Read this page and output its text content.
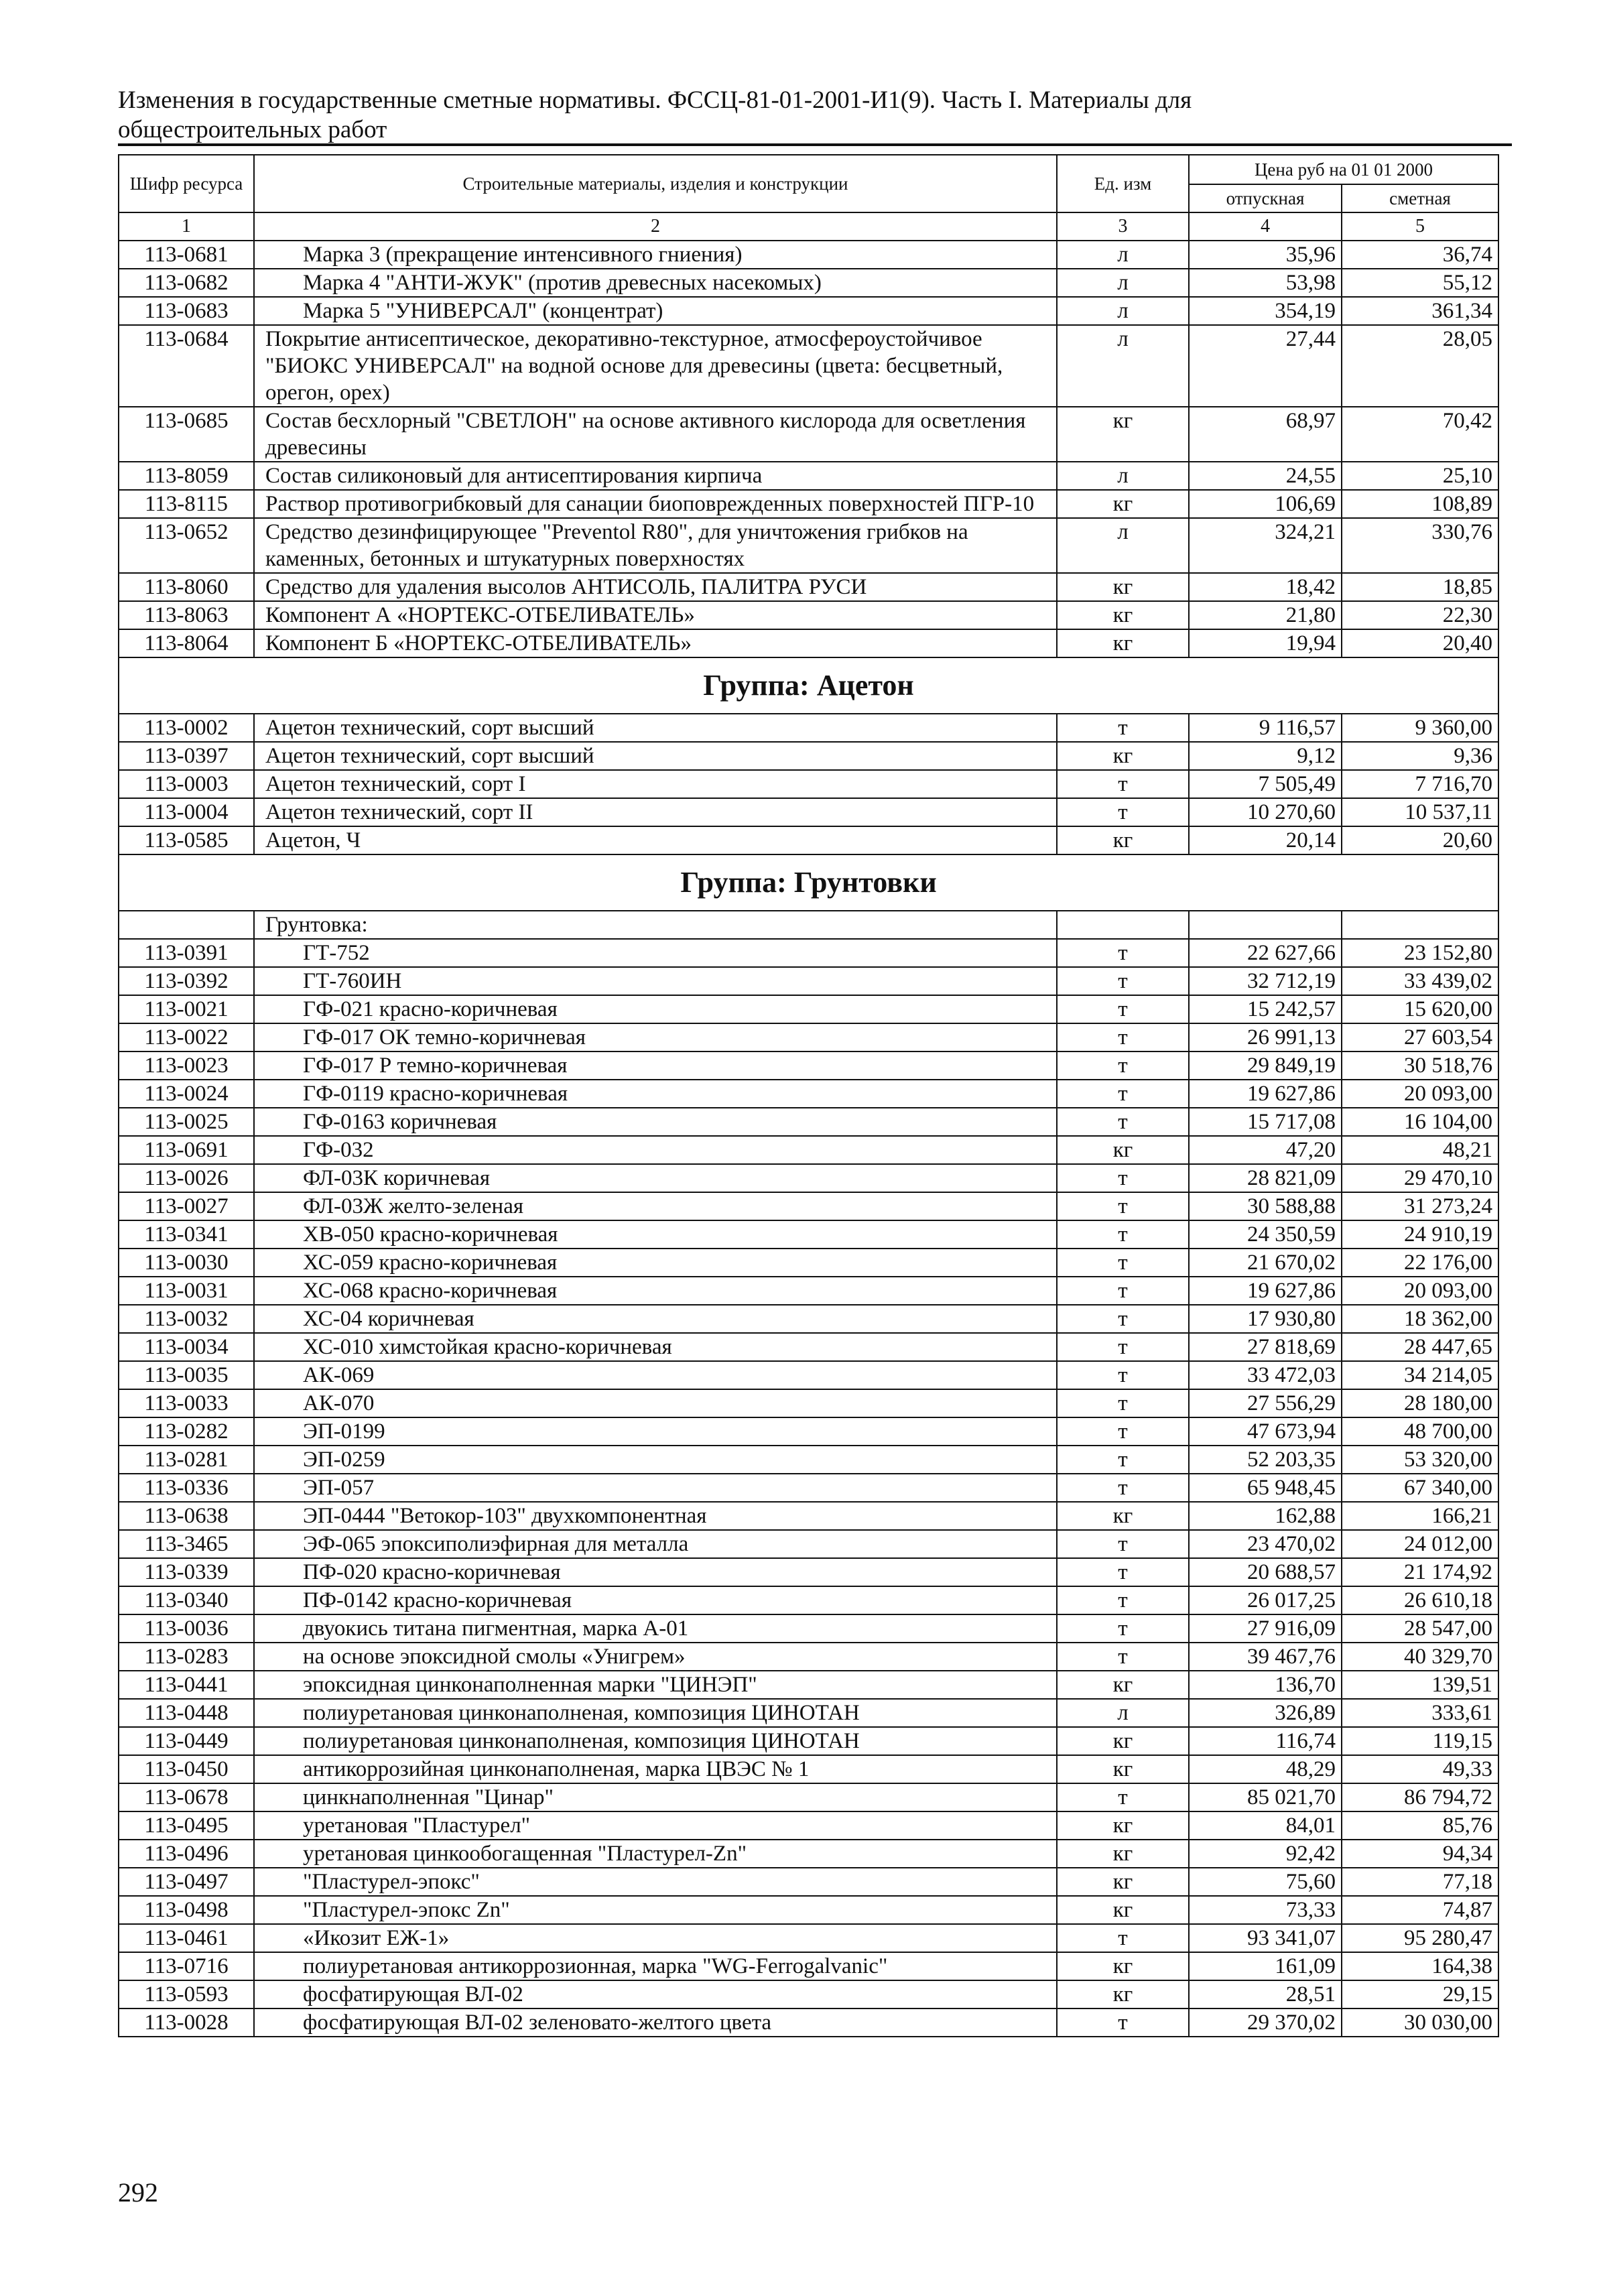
Изменения в государственные сметные нормативы. ФССЦ-81-01-2001-И1(9). Часть I. Материалы для общестроительных работ
Шифр ресурса	Строительные материалы, изделия и конструкции	Ед. изм	Цена руб на 01 01 2000	
			отпускная	сметная
1	2	3	4	5
113-0681	Марка 3 (прекращение интенсивного гниения)	л	35,96	36,74
113-0682	Марка 4 "АНТИ-ЖУК" (против древесных насекомых)	л	53,98	55,12
113-0683	Марка 5 "УНИВЕРСАЛ" (концентрат)	л	354,19	361,34
113-0684	Покрытие антисептическое, декоративно-текстурное, атмосфероустойчивое "БИОКС УНИВЕРСАЛ" на водной основе для древесины (цвета: бесцветный, орегон, орех)	л	27,44	28,05
113-0685	Состав бесхлорный "СВЕТЛОН" на основе активного кислорода для осветления древесины	кг	68,97	70,42
113-8059	Состав силиконовый для антисептирования кирпича	л	24,55	25,10
113-8115	Раствор противогрибковый для санации биоповрежденных поверхностей ПГР-10	кг	106,69	108,89
113-0652	Средство дезинфицирующее "Preventol R80", для уничтожения грибков на каменных, бетонных и штукатурных поверхностях	л	324,21	330,76
113-8060	Средство для удаления высолов АНТИСОЛЬ, ПАЛИТРА РУСИ	кг	18,42	18,85
113-8063	Компонент А «НОРТЕКС-ОТБЕЛИВАТЕЛЬ»	кг	21,80	22,30
113-8064	Компонент Б «НОРТЕКС-ОТБЕЛИВАТЕЛЬ»	кг	19,94	20,40
Группа: Ацетон				
113-0002	Ацетон технический, сорт высший	т	9 116,57	9 360,00
113-0397	Ацетон технический, сорт высший	кг	9,12	9,36
113-0003	Ацетон технический, сорт I	т	7 505,49	7 716,70
113-0004	Ацетон технический, сорт II	т	10 270,60	10 537,11
113-0585	Ацетон, Ч	кг	20,14	20,60
Группа: Грунтовки				
	Грунтовка:			
113-0391	ГТ-752	т	22 627,66	23 152,80
113-0392	ГТ-760ИН	т	32 712,19	33 439,02
113-0021	ГФ-021 красно-коричневая	т	15 242,57	15 620,00
113-0022	ГФ-017 ОК темно-коричневая	т	26 991,13	27 603,54
113-0023	ГФ-017 Р темно-коричневая	т	29 849,19	30 518,76
113-0024	ГФ-0119 красно-коричневая	т	19 627,86	20 093,00
113-0025	ГФ-0163 коричневая	т	15 717,08	16 104,00
113-0691	ГФ-032	кг	47,20	48,21
113-0026	ФЛ-03К коричневая	т	28 821,09	29 470,10
113-0027	ФЛ-03Ж желто-зеленая	т	30 588,88	31 273,24
113-0341	ХВ-050 красно-коричневая	т	24 350,59	24 910,19
113-0030	ХС-059 красно-коричневая	т	21 670,02	22 176,00
113-0031	ХС-068 красно-коричневая	т	19 627,86	20 093,00
113-0032	ХС-04 коричневая	т	17 930,80	18 362,00
113-0034	ХС-010 химстойкая красно-коричневая	т	27 818,69	28 447,65
113-0035	АК-069	т	33 472,03	34 214,05
113-0033	АК-070	т	27 556,29	28 180,00
113-0282	ЭП-0199	т	47 673,94	48 700,00
113-0281	ЭП-0259	т	52 203,35	53 320,00
113-0336	ЭП-057	т	65 948,45	67 340,00
113-0638	ЭП-0444 "Ветокор-103" двухкомпонентная	кг	162,88	166,21
113-3465	ЭФ-065 эпоксиполиэфирная для металла	т	23 470,02	24 012,00
113-0339	ПФ-020 красно-коричневая	т	20 688,57	21 174,92
113-0340	ПФ-0142 красно-коричневая	т	26 017,25	26 610,18
113-0036	двуокись титана пигментная, марка А-01	т	27 916,09	28 547,00
113-0283	на основе эпоксидной смолы «Унигрем»	т	39 467,76	40 329,70
113-0441	эпоксидная цинконаполненная марки "ЦИНЭП"	кг	136,70	139,51
113-0448	полиуретановая цинконаполненая, композиция ЦИНОТАН	л	326,89	333,61
113-0449	полиуретановая цинконаполненая, композиция ЦИНОТАН	кг	116,74	119,15
113-0450	антикоррозийная цинконаполненая, марка ЦВЭС № 1	кг	48,29	49,33
113-0678	цинкнаполненная "Цинар"	т	85 021,70	86 794,72
113-0495	уретановая "Пластурел"	кг	84,01	85,76
113-0496	уретановая цинкообогащенная "Пластурел-Zn"	кг	92,42	94,34
113-0497	"Пластурел-эпокс"	кг	75,60	77,18
113-0498	"Пластурел-эпокс Zn"	кг	73,33	74,87
113-0461	«Икозит ЕЖ-1»	т	93 341,07	95 280,47
113-0716	полиуретановая антикоррозионная, марка "WG-Ferrogalvanic"	кг	161,09	164,38
113-0593	фосфатирующая ВЛ-02	кг	28,51	29,15
113-0028	фосфатирующая ВЛ-02 зеленовато-желтого цвета	т	29 370,02	30 030,00
292
